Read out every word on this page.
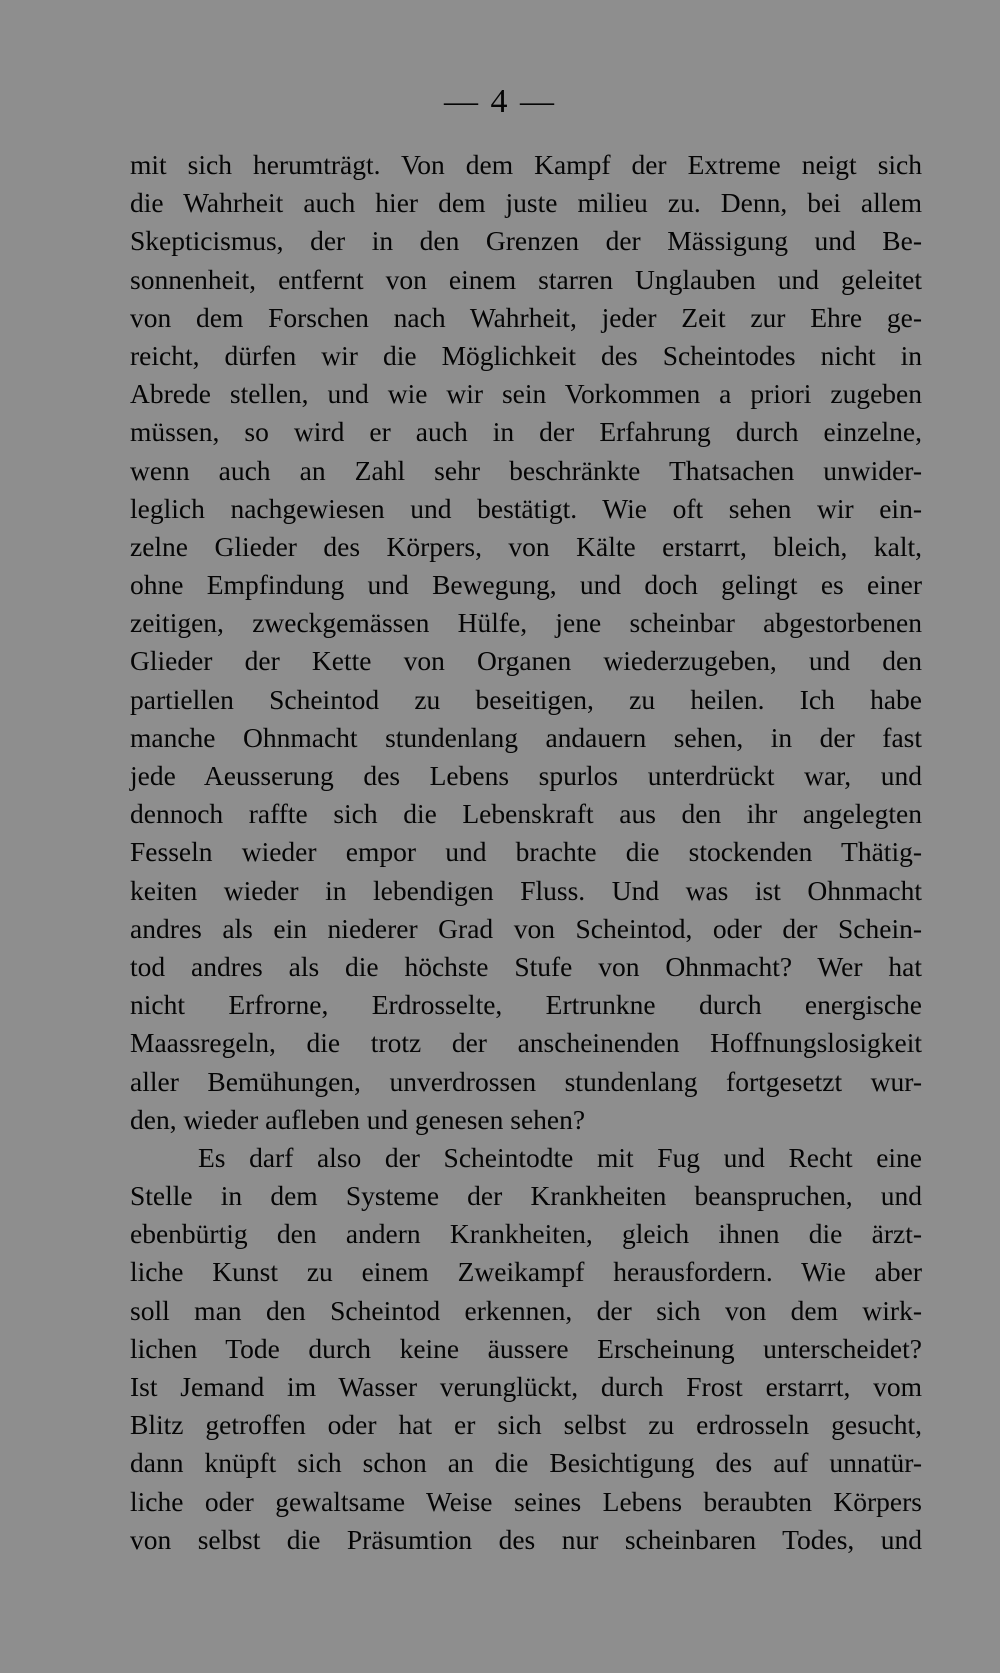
— 4 —
mit sich herumträgt. Von dem Kampf der Extreme neigt sich
die Wahrheit auch hier dem juste milieu zu. Denn, bei allem
Skepticismus, der in den Grenzen der Mässigung und Be-
sonnenheit, entfernt von einem starren Unglauben und geleitet
von dem Forschen nach Wahrheit, jeder Zeit zur Ehre ge-
reicht, dürfen wir die Möglichkeit des Scheintodes nicht in
Abrede stellen, und wie wir sein Vorkommen a priori zugeben
müssen, so wird er auch in der Erfahrung durch einzelne,
wenn auch an Zahl sehr beschränkte Thatsachen unwider-
leglich nachgewiesen und bestätigt. Wie oft sehen wir ein-
zelne Glieder des Körpers, von Kälte erstarrt, bleich, kalt,
ohne Empfindung und Bewegung, und doch gelingt es einer
zeitigen, zweckgemässen Hülfe, jene scheinbar abgestorbenen
Glieder der Kette von Organen wiederzugeben, und den
partiellen Scheintod zu beseitigen, zu heilen. Ich habe
manche Ohnmacht stundenlang andauern sehen, in der fast
jede Aeusserung des Lebens spurlos unterdrückt war, und
dennoch raffte sich die Lebenskraft aus den ihr angelegten
Fesseln wieder empor und brachte die stockenden Thätig-
keiten wieder in lebendigen Fluss. Und was ist Ohnmacht
andres als ein niederer Grad von Scheintod, oder der Schein-
tod andres als die höchste Stufe von Ohnmacht? Wer hat
nicht Erfrorne, Erdrosselte, Ertrunkne durch energische
Maassregeln, die trotz der anscheinenden Hoffnungslosigkeit
aller Bemühungen, unverdrossen stundenlang fortgesetzt wur-
den, wieder aufleben und genesen sehen?
Es darf also der Scheintodte mit Fug und Recht eine
Stelle in dem Systeme der Krankheiten beanspruchen, und
ebenbürtig den andern Krankheiten, gleich ihnen die ärzt-
liche Kunst zu einem Zweikampf herausfordern. Wie aber
soll man den Scheintod erkennen, der sich von dem wirk-
lichen Tode durch keine äussere Erscheinung unterscheidet?
Ist Jemand im Wasser verunglückt, durch Frost erstarrt, vom
Blitz getroffen oder hat er sich selbst zu erdrosseln gesucht,
dann knüpft sich schon an die Besichtigung des auf unnatür-
liche oder gewaltsame Weise seines Lebens beraubten Körpers
von selbst die Präsumtion des nur scheinbaren Todes, und
